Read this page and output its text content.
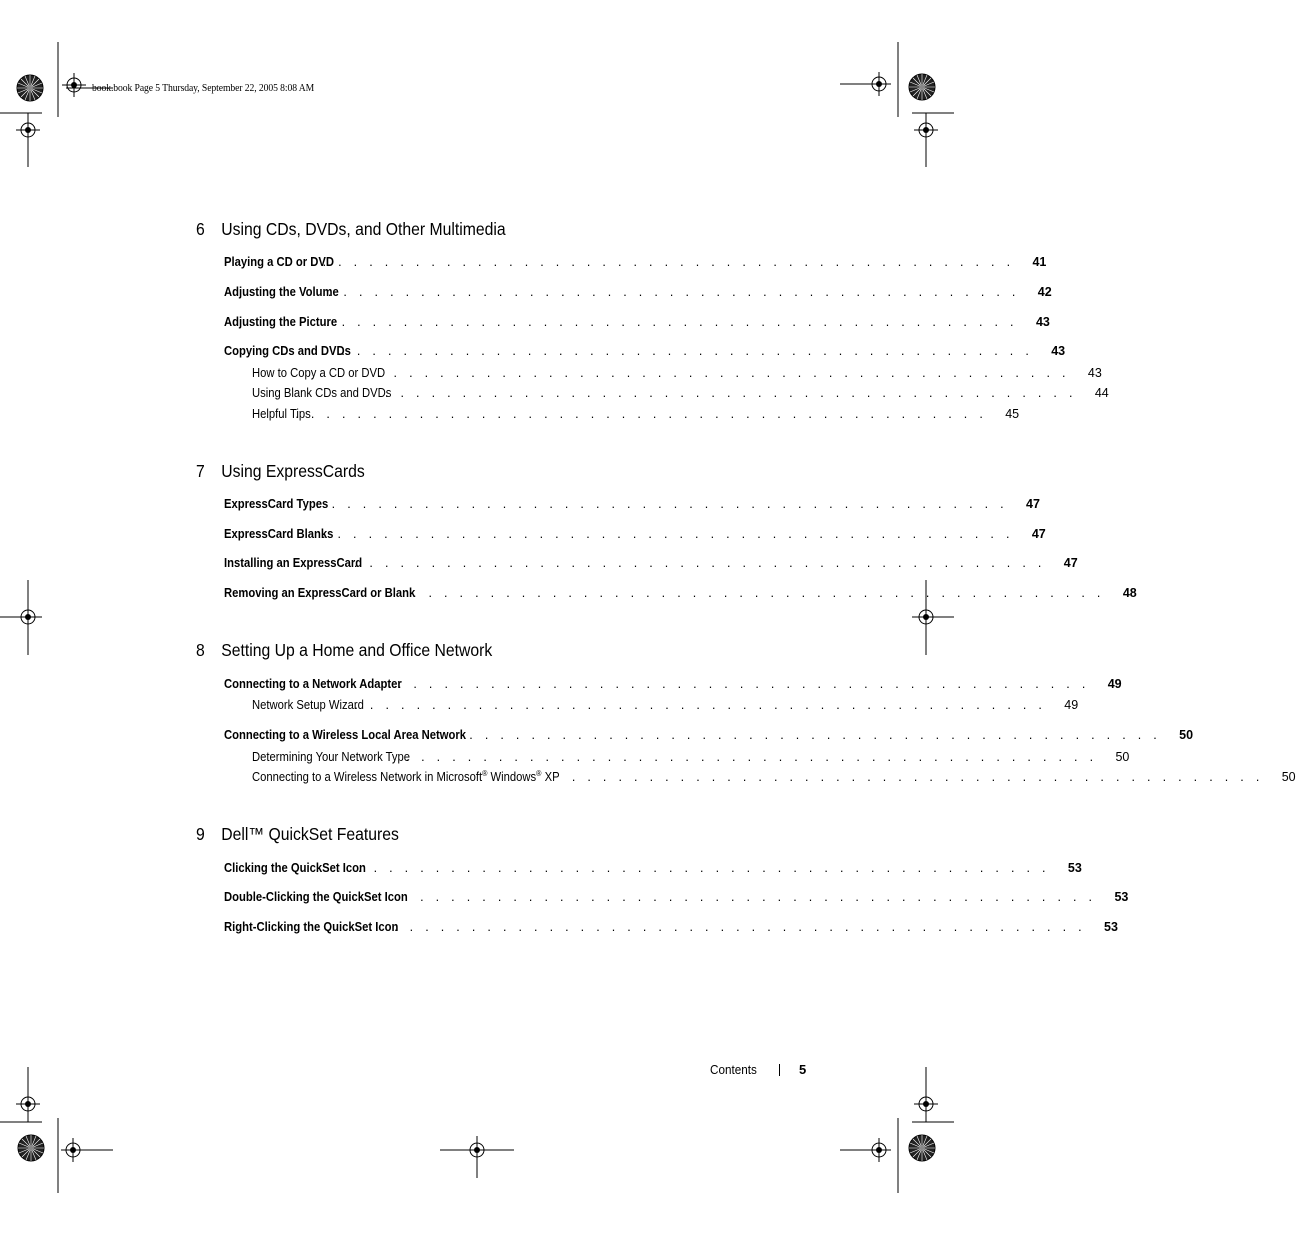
book.book Page 5 Thursday, September 22, 2005 8:08 AM
6 Using CDs, DVDs, and Other Multimedia
Playing a CD or DVD
. . . . . . . . . . . . . . . . . . . . . . . . . . . . . . . . . . . . . . . . . . . . . 41
Adjusting the Volume
. . . . . . . . . . . . . . . . . . . . . . . . . . . . . . . . . . . . . . . . . . . . . 42
Adjusting the Picture
. . . . . . . . . . . . . . . . . . . . . . . . . . . . . . . . . . . . . . . . . . . . . 43
Copying CDs and DVDs
. . . . . . . . . . . . . . . . . . . . . . . . . . . . . . . . . . . . . . . . . . . . . 43
How to Copy a CD or DVD
. . . . . . . . . . . . . . . . . . . . . . . . . . . . . . . . . . . . . . . . . . . . . 43
Using Blank CDs and DVDs
. . . . . . . . . . . . . . . . . . . . . . . . . . . . . . . . . . . . . . . . . . . . . 44
Helpful Tips
. . . . . . . . . . . . . . . . . . . . . . . . . . . . . . . . . . . . . . . . . . . . . 45
7 Using ExpressCards
ExpressCard Types
. . . . . . . . . . . . . . . . . . . . . . . . . . . . . . . . . . . . . . . . . . . . . 47
ExpressCard Blanks
. . . . . . . . . . . . . . . . . . . . . . . . . . . . . . . . . . . . . . . . . . . . . 47
Installing an ExpressCard
. . . . . . . . . . . . . . . . . . . . . . . . . . . . . . . . . . . . . . . . . . . . . 47
Removing an ExpressCard or Blank
. . . . . . . . . . . . . . . . . . . . . . . . . . . . . . . . . . . . . . . . . . . . . 48
8 Setting Up a Home and Office Network
Connecting to a Network Adapter
. . . . . . . . . . . . . . . . . . . . . . . . . . . . . . . . . . . . . . . . . . . . . 49
Network Setup Wizard
. . . . . . . . . . . . . . . . . . . . . . . . . . . . . . . . . . . . . . . . . . . . . 49
Connecting to a Wireless Local Area Network . . . . . . . . . . . . . . . . . . . . . . . . . . . . . . . . . . . . . . . . . . . . . 50
Determining Your Network Type
. . . . . . . . . . . . . . . . . . . . . . . . . . . . . . . . . . . . . . . . . . . . . 50
Connecting to a Wireless Network in Microsoft® Windows® XP . . . . . . . . . . . . . . . . . . . . . . . . . . . . . . . . . . . . . . . . . . . . . 50
9 Dell™ QuickSet Features
Clicking the QuickSet Icon
. . . . . . . . . . . . . . . . . . . . . . . . . . . . . . . . . . . . . . . . . . . . . 53
Double-Clicking the QuickSet Icon
. . . . . . . . . . . . . . . . . . . . . . . . . . . . . . . . . . . . . . . . . . . . . 53
Right-Clicking the QuickSet Icon
. . . . . . . . . . . . . . . . . . . . . . . . . . . . . . . . . . . . . . . . . . . . . 53
Contents	5
